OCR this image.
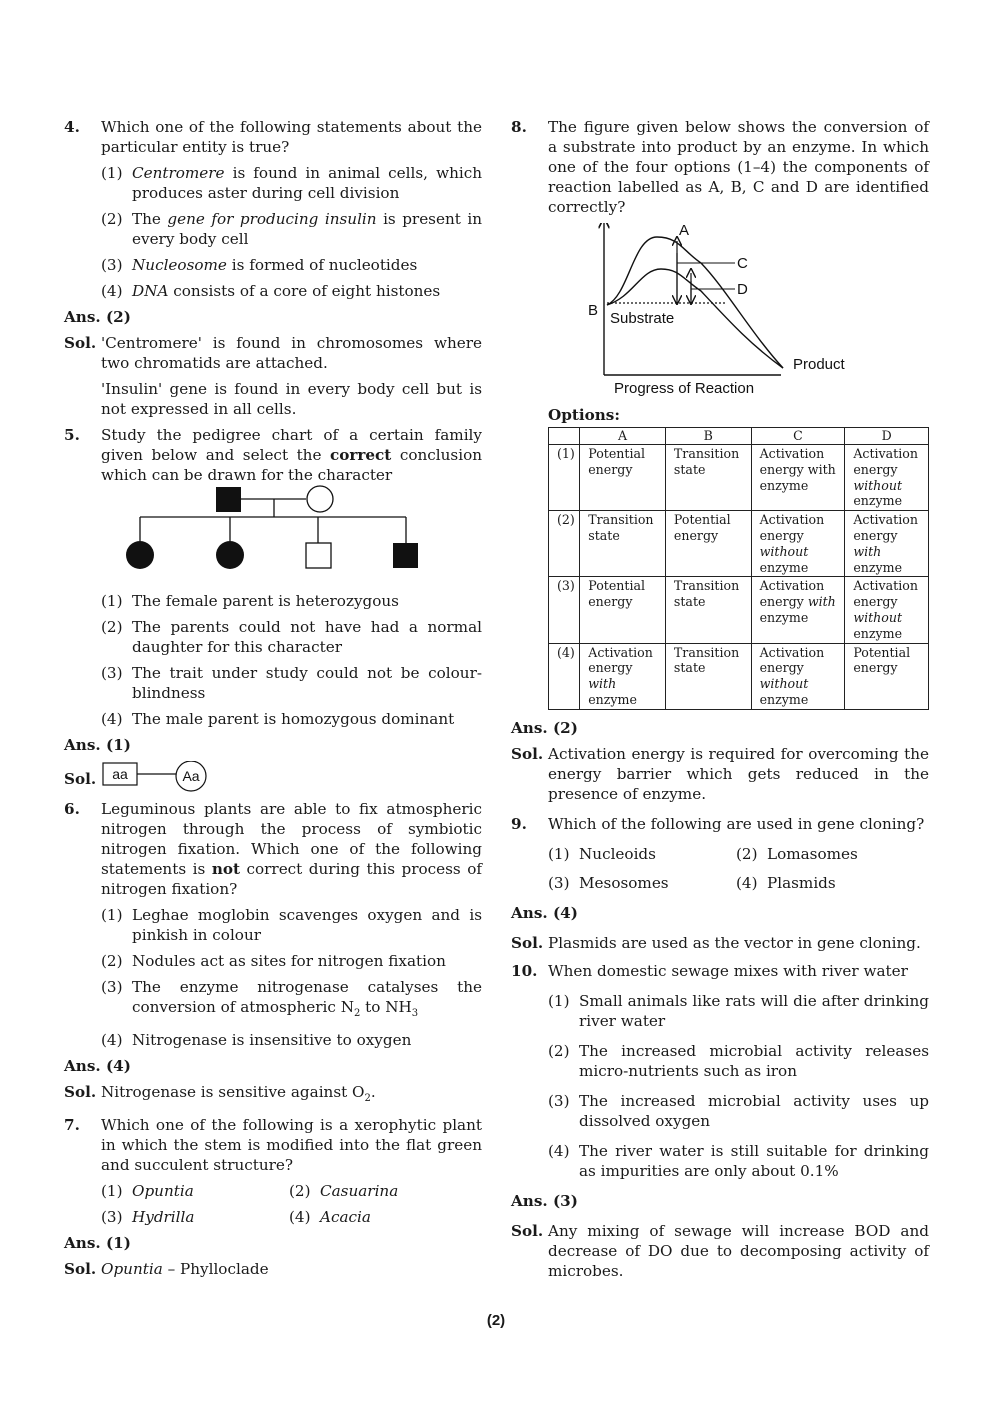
4. Which one of the following statements about the particular entity is true?
(1) Centromere is found in animal cells, which produces aster during cell division
(2) The gene for producing insulin is present in every body cell
(3) Nucleosome is formed of nucleotides
(4) DNA consists of a core of eight histones
Ans. (2)
Sol. 'Centromere' is found in chromosomes where two chromatids are attached.

'Insulin' gene is found in every body cell but is not expressed in all cells.

5. Study the pedigree chart of a certain family given below and select the correct conclusion which can be drawn for the character
(1) The female parent is heterozygous
(2) The parents could not have had a normal daughter for this character
(3) The trait under study could not be colour-blindness
(4) The male parent is homozygous dominant
Ans. (1)
Sol. aa	Aa
6. Leguminous plants are able to fix atmospheric nitrogen through the process of symbiotic nitrogen fixation. Which one of the following statements is not correct during this process of nitrogen fixation?
(1) Leghae moglobin scavenges oxygen and is pinkish in colour
(2) Nodules act as sites for nitrogen fixation
(3) The enzyme nitrogenase catalyses the conversion of atmospheric $N_2$ to $NH_3$
(4) Nitrogenase is insensitive to oxygen
Ans. (4)
Sol. Nitrogenase is sensitive against $O_2$.
7. Which one of the following is a xerophytic plant in which the stem is modified into the flat green and succulent structure?
(1) Opuntia	(2) Casuarina
(3) Hydrilla	(4) Acacia
Ans. (1)
Sol. Opuntia – Phylloclade
8. The figure given below shows the conversion of a substrate into product by an enzyme. In which one of the four options (1–4) the components of reaction labelled as A, B, C and D are identified correctly?
A
C
D
B Substrate
Product
Progress of Reaction
Options:
	A	B	C	D
(1)	Potential energy	Transition state	Activation energy with enzyme	Activation energy without enzyme
(2)	Transition state	Potential energy	Activation energy without enzyme	Activation energy with enzyme
(3)	Potential energy	Transition state	Activation energy with enzyme	Activation energy without enzyme
(4)	Activation energy with enzyme	Transition state	Activation energy without enzyme	Potential energy
Ans. (2)
Sol. Activation energy is required for overcoming the energy barrier which gets reduced in the presence of enzyme.
9. Which of the following are used in gene cloning?
(1) Nucleoids	(2) Lomasomes
(3) Mesosomes	(4) Plasmids
Ans. (4)
Sol. Plasmids are used as the vector in gene cloning.
10. When domestic sewage mixes with river water
(1) Small animals like rats will die after drinking river water
(2) The increased microbial activity releases micro-nutrients such as iron
(3) The increased microbial activity uses up dissolved oxygen
(4) The river water is still suitable for drinking as impurities are only about 0.1%
Ans. (3)
Sol. Any mixing of sewage will increase BOD and decrease of DO due to decomposing activity of microbes.
(2)
